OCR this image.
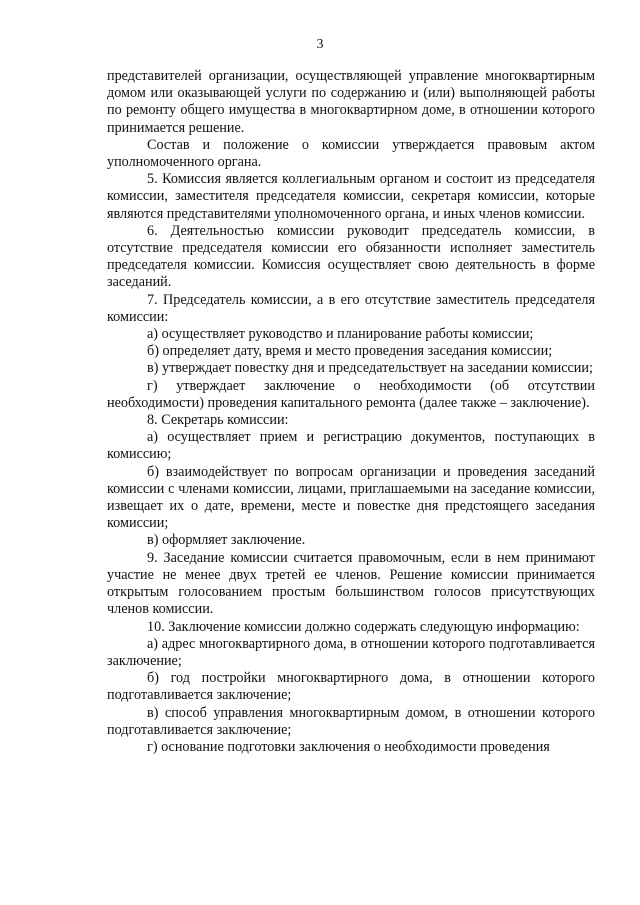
3

представителей организации, осуществляющей управление многоквартирным домом или оказывающей услуги по содержанию и (или) выполняющей работы по ремонту общего имущества в многоквартирном доме, в отношении которого принимается решение.

Состав и положение о комиссии утверждается правовым актом уполномоченного органа.

5. Комиссия является коллегиальным органом и состоит из председателя комиссии, заместителя председателя комиссии, секретаря комиссии, которые являются представителями уполномоченного органа, и иных членов комиссии.

6. Деятельностью комиссии руководит председатель комиссии, в отсутствие председателя комиссии его обязанности исполняет заместитель председателя комиссии. Комиссия осуществляет свою деятельность в форме заседаний.

7. Председатель комиссии, а в его отсутствие заместитель председателя комиссии:

а) осуществляет руководство и планирование работы комиссии;

б) определяет дату, время и место проведения заседания комиссии;

в) утверждает повестку дня и председательствует на заседании комиссии;

г) утверждает заключение о необходимости (об отсутствии необходимости) проведения капитального ремонта (далее также – заключение).

8. Секретарь комиссии:

а) осуществляет прием и регистрацию документов, поступающих в комиссию;

б) взаимодействует по вопросам организации и проведения заседаний комиссии с членами комиссии, лицами, приглашаемыми на заседание комиссии, извещает их о дате, времени, месте и повестке дня предстоящего заседания комиссии;

в) оформляет заключение.

9. Заседание комиссии считается правомочным, если в нем принимают участие не менее двух третей ее членов. Решение комиссии принимается открытым голосованием простым большинством голосов присутствующих членов комиссии.

10. Заключение комиссии должно содержать следующую информацию:

а) адрес многоквартирного дома, в отношении которого подготавливается заключение;

б) год постройки многоквартирного дома, в отношении которого подготавливается заключение;

в) способ управления многоквартирным домом, в отношении которого подготавливается заключение;

г) основание подготовки заключения о необходимости проведения
